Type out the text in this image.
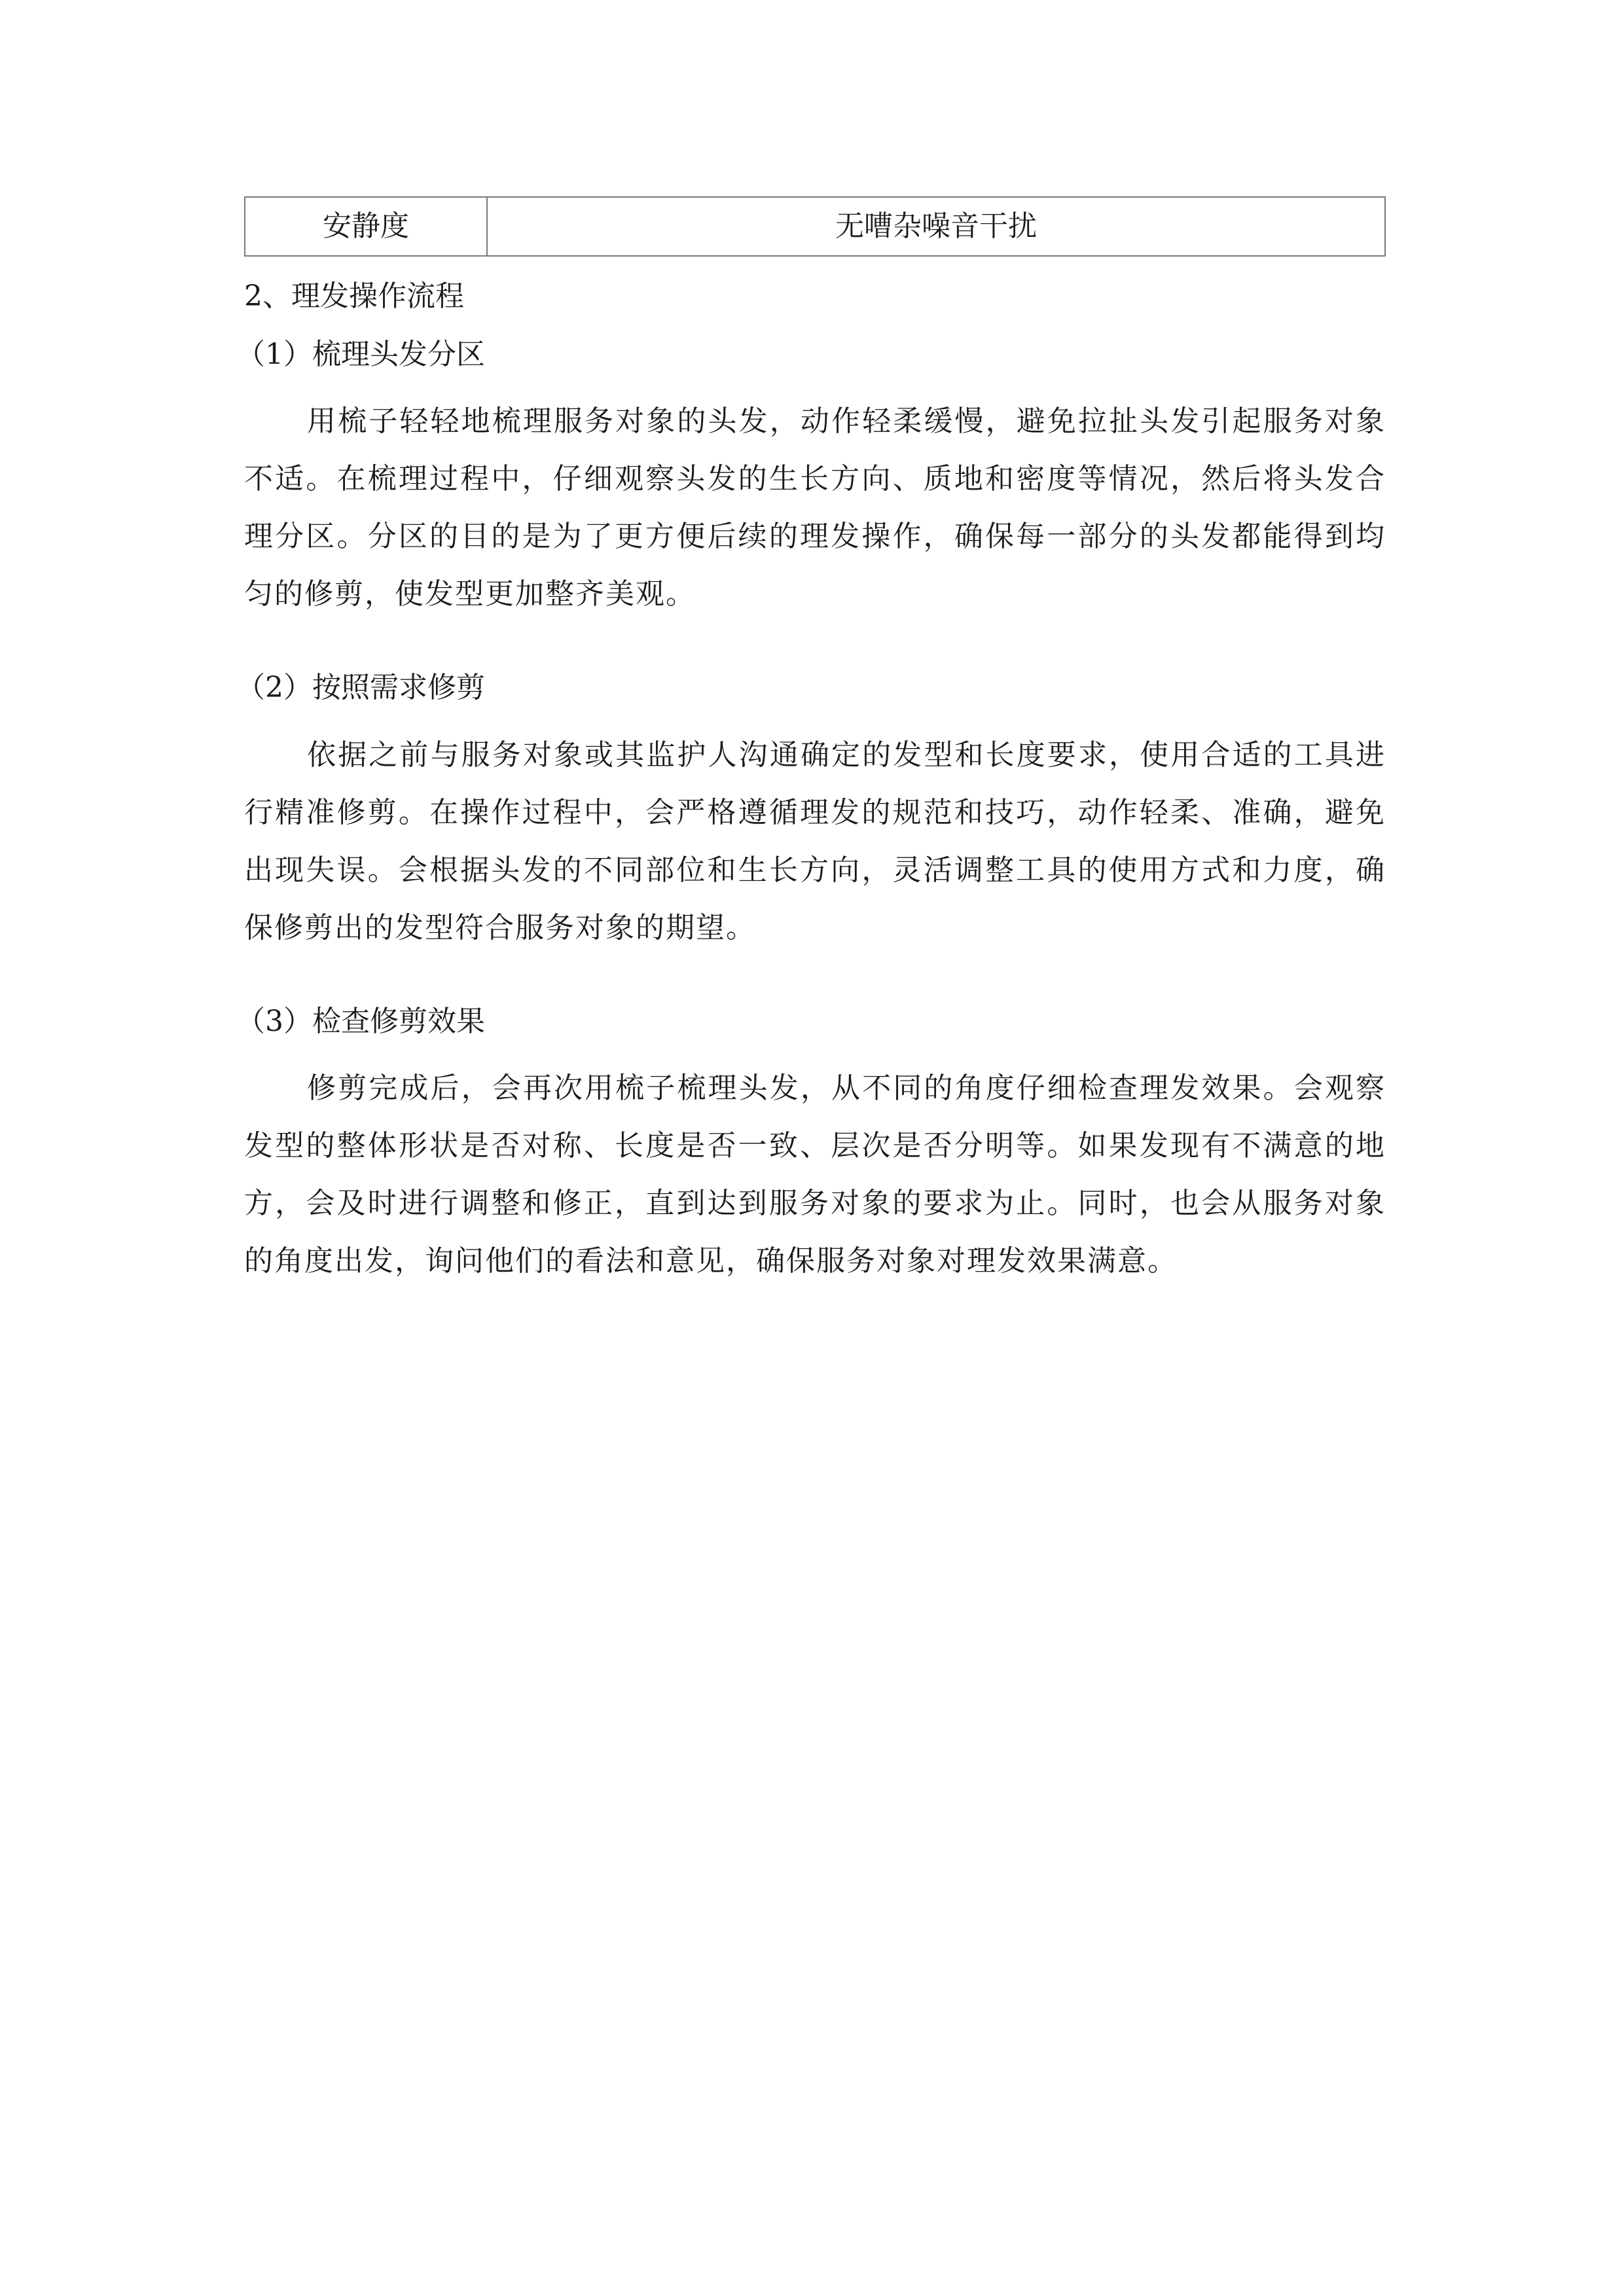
安静度	无嘈杂噪音干扰
2、理发操作流程
（1）梳理头发分区
用梳子轻轻地梳理服务对象的头发，动作轻柔缓慢，避免拉扯头发引起服务对象不适。在梳理过程中，仔细观察头发的生长方向、质地和密度等情况，然后将头发合理分区。分区的目的是为了更方便后续的理发操作，确保每一部分的头发都能得到均匀的修剪，使发型更加整齐美观。
（2）按照需求修剪
依据之前与服务对象或其监护人沟通确定的发型和长度要求，使用合适的工具进行精准修剪。在操作过程中，会严格遵循理发的规范和技巧，动作轻柔、准确，避免出现失误。会根据头发的不同部位和生长方向，灵活调整工具的使用方式和力度，确保修剪出的发型符合服务对象的期望。
（3）检查修剪效果
修剪完成后，会再次用梳子梳理头发，从不同的角度仔细检查理发效果。会观察发型的整体形状是否对称、长度是否一致、层次是否分明等。如果发现有不满意的地方，会及时进行调整和修正，直到达到服务对象的要求为止。同时，也会从服务对象的角度出发，询问他们的看法和意见，确保服务对象对理发效果满意。
